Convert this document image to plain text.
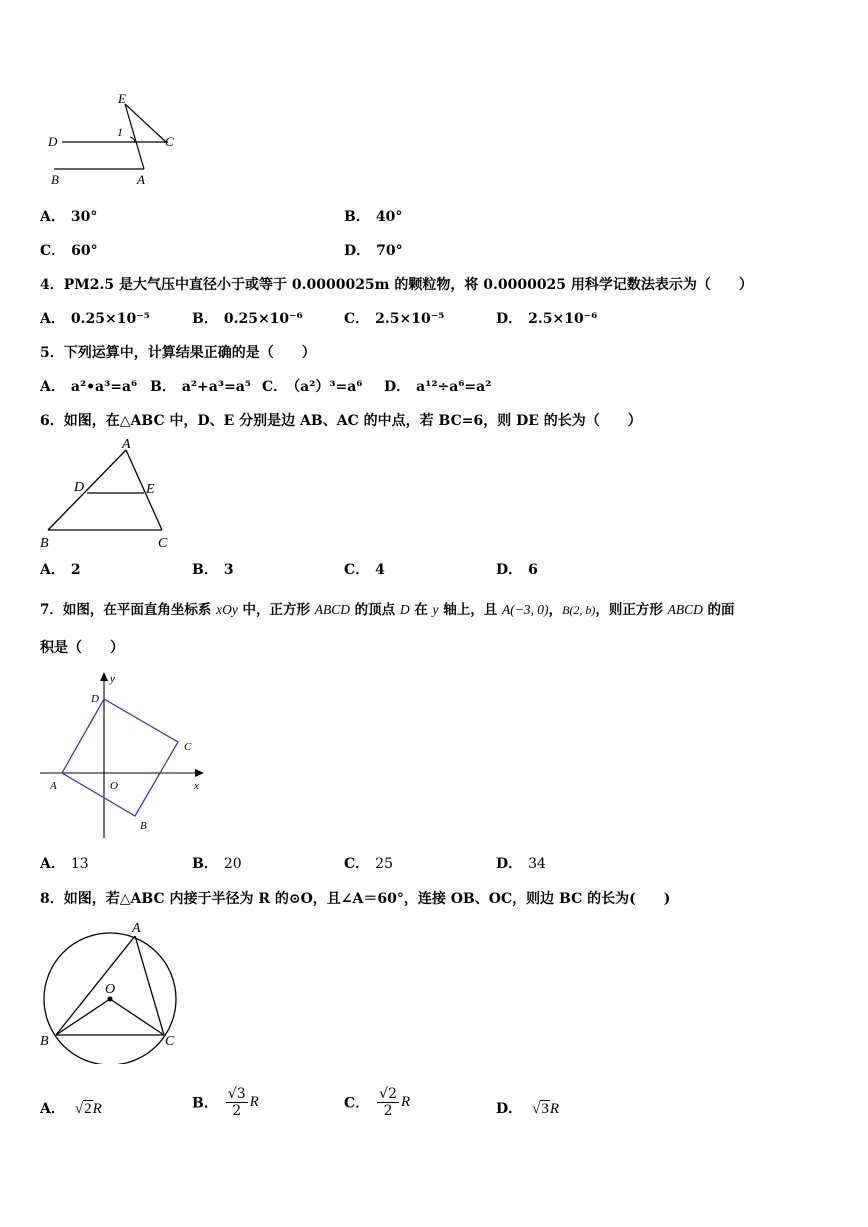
E
1
D	C
B	A
A． 30°	B． 40°
C． 60°	D． 70°
4．PM2.5 是大气压中直径小于或等于 0.0000025m 的颗粒物，将 0.0000025 用科学记数法表示为（　　）
A． 0.25×10⁻⁵	B． 0.25×10⁻⁶	C． 2.5×10⁻⁵	D． 2.5×10⁻⁶
5．下列运算中，计算结果正确的是（　　）
A． a²•a³=a⁶ B． a²+a³=a⁵ C． （a²）³=a⁶ D． a¹²÷a⁶=a²
6．如图，在△ABC 中，D、E 分别是边 AB、AC 的中点，若 BC=6，则 DE 的长为（　　）
A
D	E
B	C
A． 2	B． 3	C． 4	D． 6
7．如图，在平面直角坐标系 xOy 中，正方形 ABCD 的顶点 D 在 y 轴上，且 A(−3, 0)，B(2, b)，则正方形 ABCD 的面
积是（　　）
y
D
C
A	O	x
B
A． 13	B． 20	C． 25	D． 34
8．如图，若△ABC 内接于半径为 R 的⊙O，且∠A＝60°，连接 OB、OC，则边 BC 的长为(　　)
A
O
B	C
A． √2R	B． $\frac{√3}{2}$ R	C． $\frac{√2}{2}$ R	D． √3R
